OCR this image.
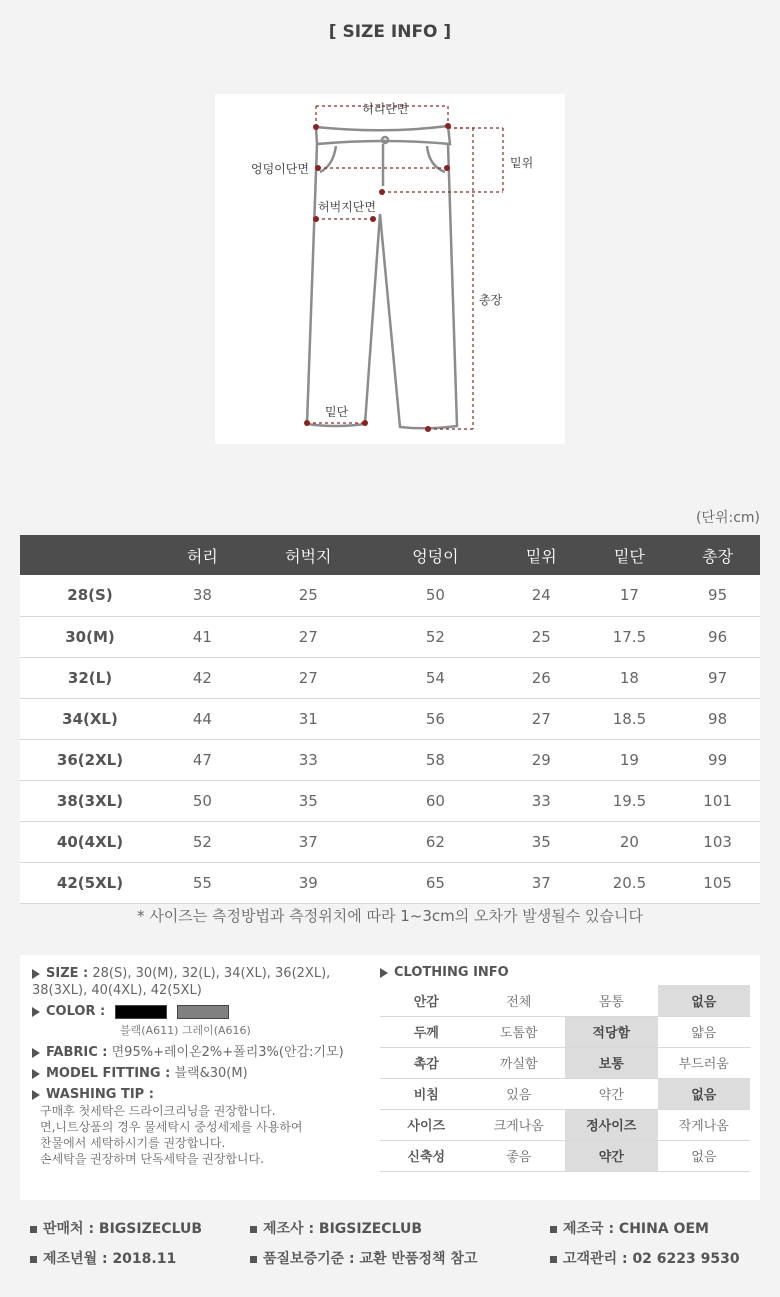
[ SIZE INFO ]
허리단면
엉덩이단면	밑위
허벅지단면
총장
밑단
(단위:cm)
	허리	허벅지	엉덩이	밑위	밑단	총장
28(S)	38	25	50	24	17	95
30(M)	41	27	52	25	17.5	96
32(L)	42	27	54	26	18	97
34(XL)	44	31	56	27	18.5	98
36(2XL)	47	33	58	29	19	99
38(3XL)	50	35	60	33	19.5	101
40(4XL)	52	37	62	35	20	103
42(5XL)	55	39	65	37	20.5	105
* 사이즈는 측정방법과 측정위치에 따라 1~3cm의 오차가 발생될수 있습니다
SIZE : 28(S), 30(M), 32(L), 34(XL), 36(2XL), 38(3XL), 40(4XL), 42(5XL)
COLOR :
블랙(A611) 그레이(A616)
FABRIC : 면95%+레이온2%+폴리3%(안감:기모)
MODEL FITTING : 블랙&30(M)
WASHING TIP :
구매후 첫세탁은 드라이크리닝을 권장합니다.
면,니트상품의 경우 물세탁시 중성세제를 사용하여
찬물에서 세탁하시기를 권장합니다.
손세탁을 권장하며 단독세탁을 권장합니다.
CLOTHING INFO
안감	전체	몸통	없음
두께	도톰함	적당함	얇음
촉감	까실함	보통	부드러움
비침	있음	약간	없음
사이즈	크게나옴	정사이즈	작게나옴
신축성	좋음	약간	없음
판매처 : BIGSIZECLUB	제조사 : BIGSIZECLUB	제조국 : CHINA OEM
제조년월 : 2018.11	품질보증기준 : 교환 반품정책 참고	고객관리 : 02 6223 9530
